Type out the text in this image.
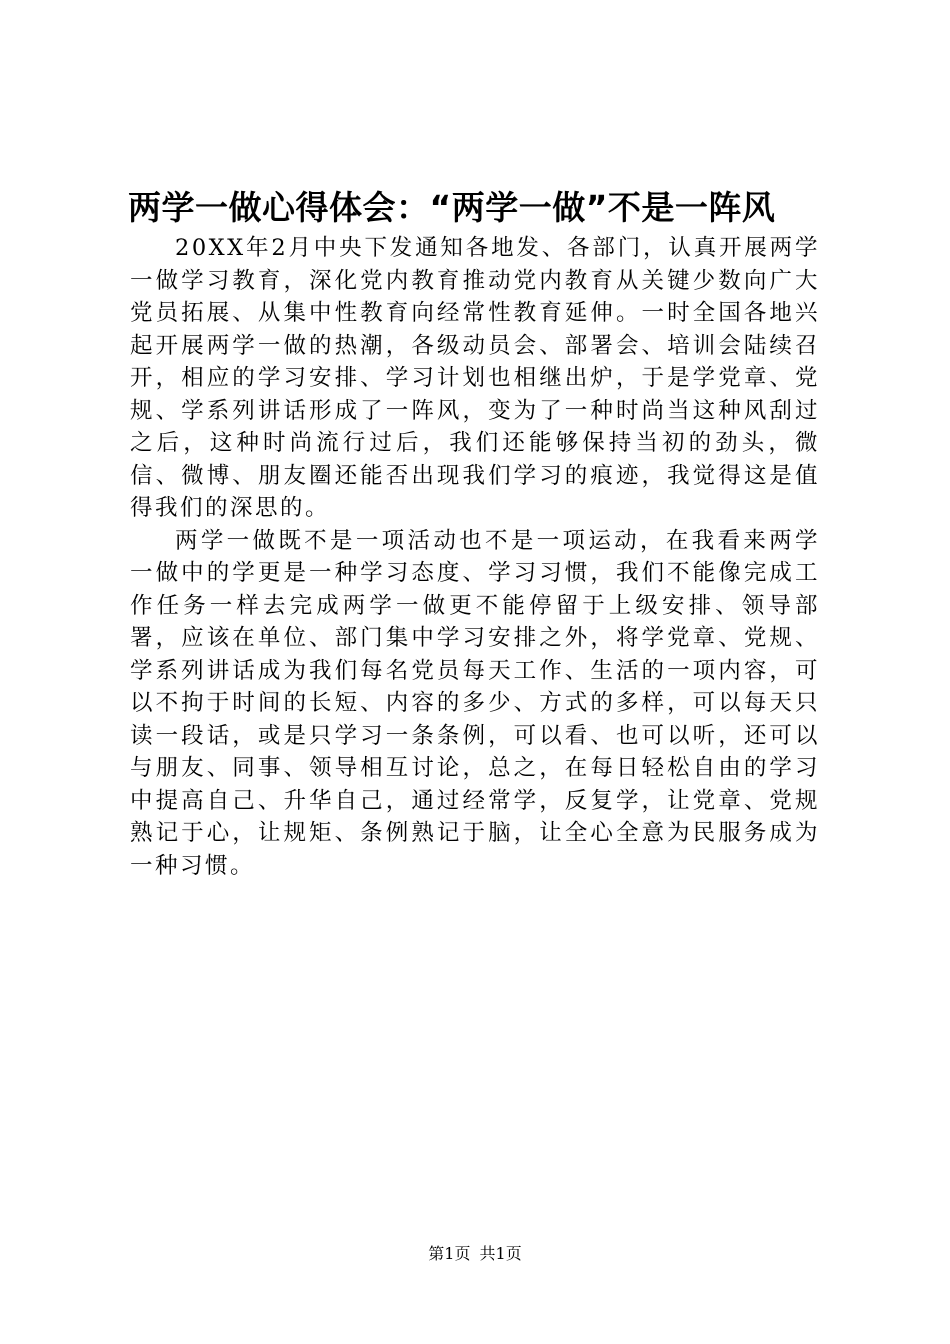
两学一做心得体会：“两学一做”不是一阵风

20XX年2月中央下发通知各地发、各部门，认真开展两学一做学习教育，深化党内教育推动党内教育从关键少数向广大党员拓展、从集中性教育向经常性教育延伸。一时全国各地兴起开展两学一做的热潮，各级动员会、部署会、培训会陆续召开，相应的学习安排、学习计划也相继出炉，于是学党章、党规、学系列讲话形成了一阵风，变为了一种时尚当这种风刮过之后，这种时尚流行过后，我们还能够保持当初的劲头，微信、微博、朋友圈还能否出现我们学习的痕迹，我觉得这是值得我们的深思的。

两学一做既不是一项活动也不是一项运动，在我看来两学一做中的学更是一种学习态度、学习习惯，我们不能像完成工作任务一样去完成两学一做更不能停留于上级安排、领导部署，应该在单位、部门集中学习安排之外，将学党章、党规、学系列讲话成为我们每名党员每天工作、生活的一项内容，可以不拘于时间的长短、内容的多少、方式的多样，可以每天只读一段话，或是只学习一条条例，可以看、也可以听，还可以与朋友、同事、领导相互讨论，总之，在每日轻松自由的学习中提高自己、升华自己，通过经常学，反复学，让党章、党规熟记于心，让规矩、条例熟记于脑，让全心全意为民服务成为一种习惯。

第1页 共1页
